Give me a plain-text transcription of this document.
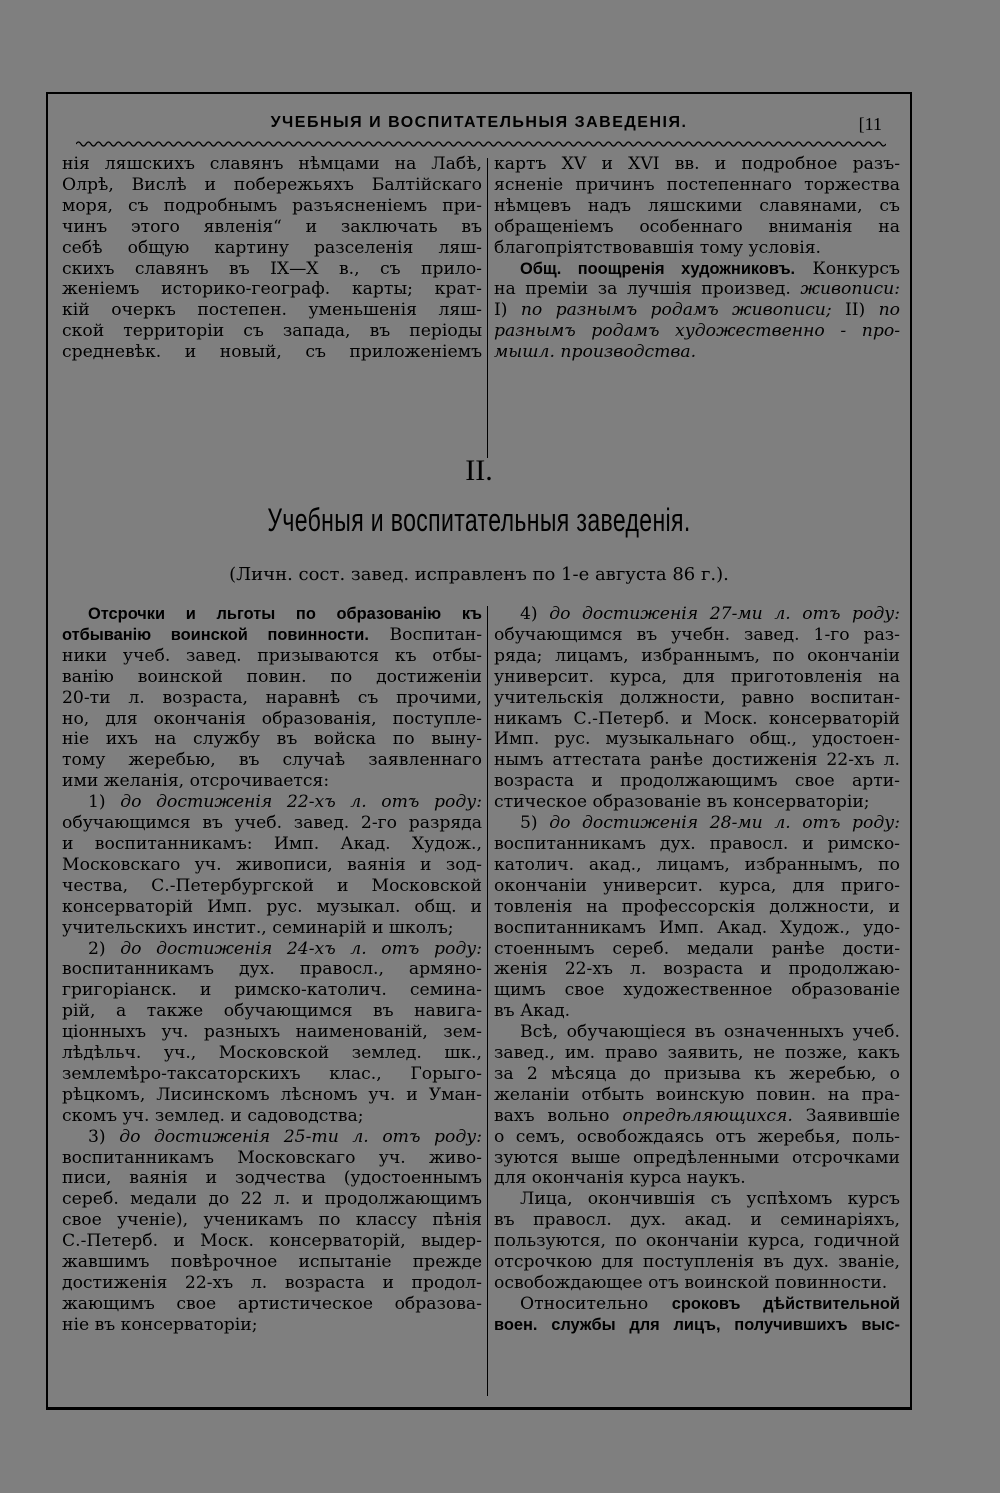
УЧЕБНЫЯ И ВОСПИТАТЕЛЬНЫЯ ЗАВЕДЕНІЯ.	[11
нія ляшскихъ славянъ нѣмцами на Лабѣ,
Олрѣ, Вислѣ и побережьяхъ Балтійскаго
моря, съ подробнымъ разъясненіемъ при-
чинъ этого явленія“ и заключать въ
себѣ общую картину разселенія ляш-
скихъ славянъ въ IX—X в., съ прило-
женіемъ историко-географ. карты; крат-
кій очеркъ постепен. уменьшенія ляш-
ской территоріи съ запада, въ періоды
средневѣк. и новый, съ приложеніемъ
картъ XV и XVI вв. и подробное разъ-
ясненіе причинъ постепеннаго торжества
нѣмцевъ надъ ляшскими славянами, съ
обращеніемъ особеннаго вниманія на
благопріятствовавшія тому условія.
Общ. поощренія художниковъ. Конкурсъ
на преміи за лучшія произвед. живописи:
I) по разнымъ родамъ живописи; II) по
разнымъ родамъ художественно - про-
мышл. производства.
II.
Учебныя и воспитательныя заведенія.
(Личн. сост. завед. исправленъ по 1-е августа 86 г.).
Отсрочки и льготы по образованію къ
отбыванію воинской повинности. Воспитан-
ники учеб. завед. призываются къ отбы-
ванію воинской повин. по достиженіи
20-ти л. возраста, наравнѣ съ прочими,
но, для окончанія образованія, поступле-
ніе ихъ на службу въ войска по выну-
тому жеребью, въ случаѣ заявленнаго
ими желанія, отсрочивается:
1) до достиженія 22-хъ л. отъ роду:
обучающимся въ учеб. завед. 2-го разряда
и воспитанникамъ: Имп. Акад. Худож.,
Московскаго уч. живописи, ваянія и зод-
чества, С.-Петербургской и Московской
консерваторій Имп. рус. музыкал. общ. и
учительскихъ инстит., семинарій и школъ;
2) до достиженія 24-хъ л. отъ роду:
воспитанникамъ дух. правосл., армяно-
григоріанск. и римско-католич. семина-
рій, а также обучающимся въ навига-
ціонныхъ уч. разныхъ наименованій, зем-
лѣдѣльч. уч., Московской землед. шк.,
землемѣро-таксаторскихъ клас., Горыго-
рѣцкомъ, Лисинскомъ лѣсномъ уч. и Уман-
скомъ уч. землед. и садоводства;
3) до достиженія 25-ти л. отъ роду:
воспитанникамъ Московскаго уч. живо-
писи, ваянія и зодчества (удостоеннымъ
сереб. медали до 22 л. и продолжающимъ
свое ученіе), ученикамъ по классу пѣнія
С.-Петерб. и Моск. консерваторій, выдер-
жавшимъ повѣрочное испытаніе прежде
достиженія 22-хъ л. возраста и продол-
жающимъ свое артистическое образова-
ніе въ консерваторіи;
4) до достиженія 27-ми л. отъ роду:
обучающимся въ учебн. завед. 1-го раз-
ряда; лицамъ, избраннымъ, по окончаніи
университ. курса, для приготовленія на
учительскія должности, равно воспитан-
никамъ С.-Петерб. и Моск. консерваторій
Имп. рус. музыкальнаго общ., удостоен-
нымъ аттестата ранѣе достиженія 22-хъ л.
возраста и продолжающимъ свое арти-
стическое образованіе въ консерваторіи;
5) до достиженія 28-ми л. отъ роду:
воспитанникамъ дух. правосл. и римско-
католич. акад., лицамъ, избраннымъ, по
окончаніи университ. курса, для приго-
товленія на профессорскія должности, и
воспитанникамъ Имп. Акад. Худож., удо-
стоеннымъ сереб. медали ранѣе дости-
женія 22-хъ л. возраста и продолжаю-
щимъ свое художественное образованіе
въ Акад.
Всѣ, обучающіеся въ означенныхъ учеб.
завед., им. право заявить, не позже, какъ
за 2 мѣсяца до призыва къ жеребью, о
желаніи отбыть воинскую повин. на пра-
вахъ вольно опредѣляющихся. Заявившіе
о семъ, освобождаясь отъ жеребья, поль-
зуются выше опредѣленными отсрочками
для окончанія курса наукъ.
Лица, окончившія съ успѣхомъ курсъ
въ правосл. дух. акад. и семинаріяхъ,
пользуются, по окончаніи курса, годичной
отсрочкою для поступленія въ дух. званіе,
освобождающее отъ воинской повинности.
Относительно сроковъ дѣйствительной
воен. службы для лицъ, получившихъ выс-
